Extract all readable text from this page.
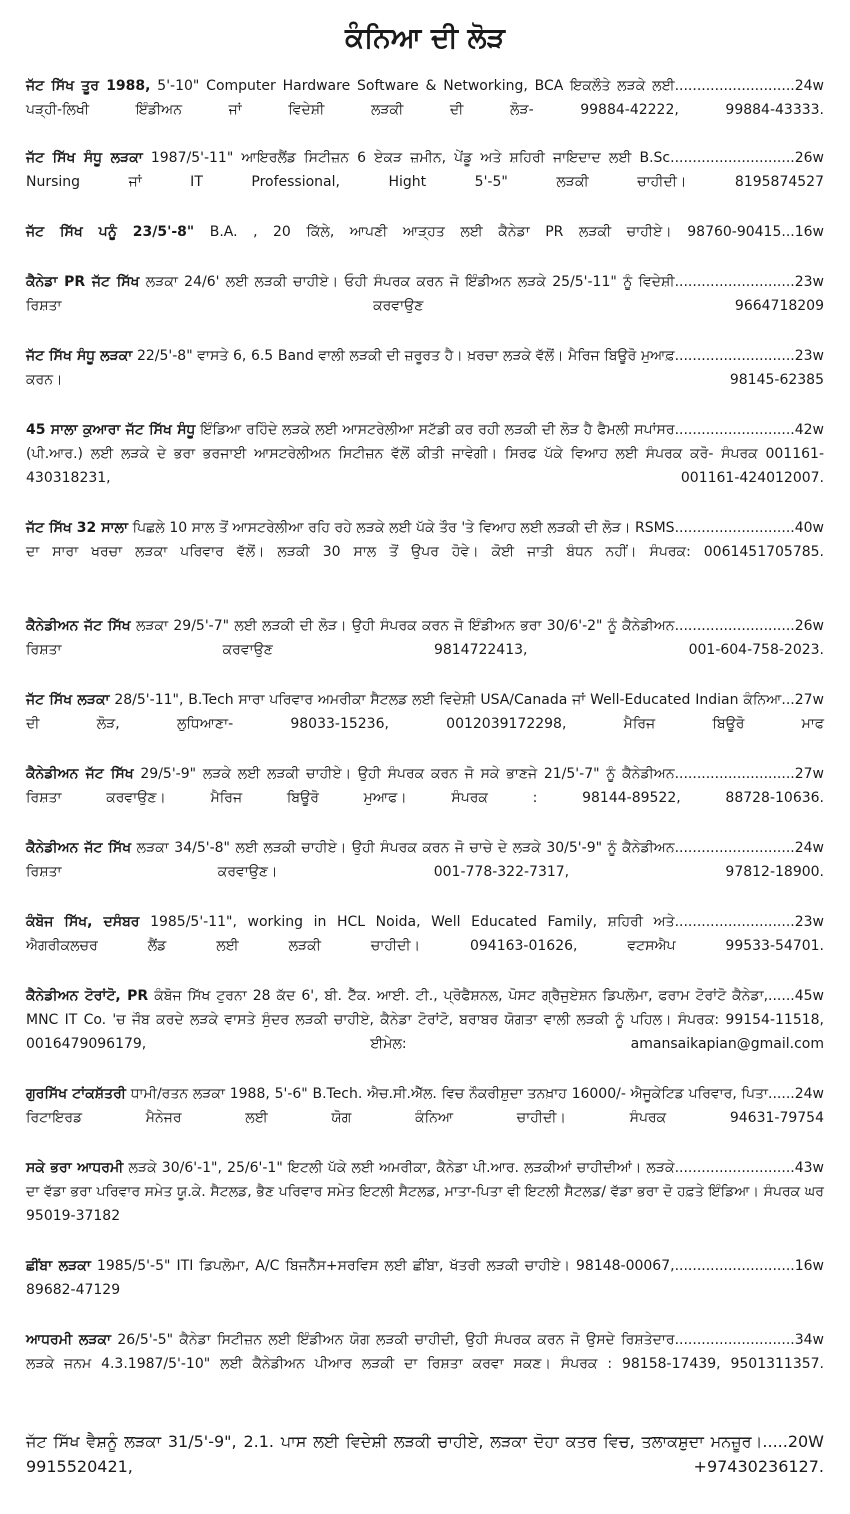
ਕੰਨਿਆ ਦੀ ਲੋੜ
...........................24w
ਜੱਟ ਸਿੱਖ ਤੂਰ 1988, 5'-10" Computer Hardware Software & Networking, BCA ਇਕਲੌਤੇ ਲੜਕੇ ਲਈ ਪੜ੍ਹੀ-ਲਿਖੀ ਇੰਡੀਅਨ ਜਾਂ ਵਿਦੇਸ਼ੀ ਲੜਕੀ ਦੀ ਲੋੜ- 99884-42222, 99884-43333.
...........................26w
ਜੱਟ ਸਿੱਖ ਸੰਧੂ ਲੜਕਾ 1987/5'-11" ਆਇਰਲੈਂਡ ਸਿਟੀਜ਼ਨ 6 ਏਕੜ ਜ਼ਮੀਨ, ਪੇਂਡੂ ਅਤੇ ਸ਼ਹਿਰੀ ਜਾਇਦਾਦ ਲਈ B.Sc. Nursing ਜਾਂ IT Professional, Hight 5'-5" ਲੜਕੀ ਚਾਹੀਦੀ। 8195874527
...16w
ਜੱਟ ਸਿੱਖ ਪਨੂੰ 23/5'-8" B.A. , 20 ਕਿੱਲੇ, ਆਪਣੀ ਆੜ੍ਹਤ ਲਈ ਕੈਨੇਡਾ PR ਲੜਕੀ ਚਾਹੀਏ। 98760-90415
...........................23w
ਕੈਨੇਡਾ PR ਜੱਟ ਸਿੱਖ ਲੜਕਾ 24/6' ਲਈ ਲੜਕੀ ਚਾਹੀਏ। ਓਹੀ ਸੰਪਰਕ ਕਰਨ ਜੋ ਇੰਡੀਅਨ ਲੜਕੇ 25/5'-11" ਨੂੰ ਵਿਦੇਸ਼ੀ ਰਿਸ਼ਤਾ ਕਰਵਾਉਣ 9664718209
...........................23w
ਜੱਟ ਸਿੱਖ ਸੰਧੂ ਲੜਕਾ 22/5'-8" ਵਾਸਤੇ 6, 6.5 Band ਵਾਲੀ ਲੜਕੀ ਦੀ ਜ਼ਰੂਰਤ ਹੈ। ਖ਼ਰਚਾ ਲੜਕੇ ਵੱਲੋਂ। ਮੈਰਿਜ ਬਿਊਰੋ ਮੁਆਫ਼ ਕਰਨ। 98145-62385
...........................42w
45 ਸਾਲਾ ਕੁਆਰਾ ਜੱਟ ਸਿੱਖ ਸੰਧੂ ਇੰਡਿਆ ਰਹਿੰਦੇ ਲੜਕੇ ਲਈ ਆਸਟਰੇਲੀਆ ਸਟੱਡੀ ਕਰ ਰਹੀ ਲੜਕੀ ਦੀ ਲੋੜ ਹੈ ਫੈਮਲੀ ਸਪਾਂਸਰ (ਪੀ.ਆਰ.) ਲਈ ਲੜਕੇ ਦੇ ਭਰਾ ਭਰਜਾਈ ਆਸਟਰੇਲੀਅਨ ਸਿਟੀਜ਼ਨ ਵੱਲੋਂ ਕੀਤੀ ਜਾਵੇਗੀ। ਸਿਰਫ ਪੱਕੇ ਵਿਆਹ ਲਈ ਸੰਪਰਕ ਕਰੋ- ਸੰਪਰਕ 001161-430318231, 001161-424012007.
...........................40w
ਜੱਟ ਸਿੱਖ 32 ਸਾਲਾ ਪਿਛਲੇ 10 ਸਾਲ ਤੋਂ ਆਸਟਰੇਲੀਆ ਰਹਿ ਰਹੇ ਲੜਕੇ ਲਈ ਪੱਕੇ ਤੌਰ 'ਤੇ ਵਿਆਹ ਲਈ ਲੜਕੀ ਦੀ ਲੋੜ। RSMS ਦਾ ਸਾਰਾ ਖਰਚਾ ਲੜਕਾ ਪਰਿਵਾਰ ਵੱਲੋਂ। ਲੜਕੀ 30 ਸਾਲ ਤੋਂ ਉਪਰ ਹੋਵੇ। ਕੋਈ ਜਾਤੀ ਬੰਧਨ ਨਹੀਂ। ਸੰਪਰਕ: 0061451705785.
...........................26w
ਕੈਨੇਡੀਅਨ ਜੱਟ ਸਿੱਖ ਲੜਕਾ 29/5'-7" ਲਈ ਲੜਕੀ ਦੀ ਲੋੜ। ਉਹੀ ਸੰਪਰਕ ਕਰਨ ਜੋ ਇੰਡੀਅਨ ਭਰਾ 30/6'-2" ਨੂੰ ਕੈਨੇਡੀਅਨ ਰਿਸ਼ਤਾ ਕਰਵਾਉਣ 9814722413, 001-604-758-2023.
...27w
ਜੱਟ ਸਿੱਖ ਲੜਕਾ 28/5'-11", B.Tech ਸਾਰਾ ਪਰਿਵਾਰ ਅਮਰੀਕਾ ਸੈਟਲਡ ਲਈ ਵਿਦੇਸ਼ੀ USA/Canada ਜਾਂ Well-Educated Indian ਕੰਨਿਆ ਦੀ ਲੋੜ, ਲੁਧਿਆਣਾ- 98033-15236, 0012039172298, ਮੈਰਿਜ ਬਿਊਰੋ ਮਾਫ
...........................27w
ਕੈਨੇਡੀਅਨ ਜੱਟ ਸਿੱਖ 29/5'-9" ਲੜਕੇ ਲਈ ਲੜਕੀ ਚਾਹੀਏ। ਉਹੀ ਸੰਪਰਕ ਕਰਨ ਜੋ ਸਕੇ ਭਾਣਜੇ 21/5'-7" ਨੂੰ ਕੈਨੇਡੀਅਨ ਰਿਸ਼ਤਾ ਕਰਵਾਉਣ। ਮੈਰਿਜ ਬਿਊਰੋ ਮੁਆਫ। ਸੰਪਰਕ : 98144-89522, 88728-10636.
...........................24w
ਕੈਨੇਡੀਅਨ ਜੱਟ ਸਿੱਖ ਲੜਕਾ 34/5'-8" ਲਈ ਲੜਕੀ ਚਾਹੀਏ। ਉਹੀ ਸੰਪਰਕ ਕਰਨ ਜੋ ਚਾਚੇ ਦੇ ਲੜਕੇ 30/5'-9" ਨੂੰ ਕੈਨੇਡੀਅਨ ਰਿਸ਼ਤਾ ਕਰਵਾਉਣ। 001-778-322-7317, 97812-18900.
...........................23w
ਕੰਬੋਜ ਸਿੱਖ, ਦਸੰਬਰ 1985/5'-11", working in HCL Noida, Well Educated Family, ਸ਼ਹਿਰੀ ਅਤੇ ਐਗਰੀਕਲਚਰ ਲੈਂਡ ਲਈ ਲੜਕੀ ਚਾਹੀਦੀ। 094163-01626, ਵਟਸਐਪ 99533-54701.
......45w
ਕੈਨੇਡੀਅਨ ਟੋਰਾਂਟੋ, PR ਕੰਬੋਜ ਸਿੱਖ ਟੁਰਨਾ 28 ਕੱਦ 6', ਬੀ. ਟੈੱਕ. ਆਈ. ਟੀ., ਪ੍ਰੋਫੈਸ਼ਨਲ, ਪੋਸਟ ਗ੍ਰੈਜੁਏਸ਼ਨ ਡਿਪਲੋਮਾ, ਫਰਾਮ ਟੋਰਾਂਟੋ ਕੈਨੇਡਾ, MNC IT Co. 'ਚ ਜੌਬ ਕਰਦੇ ਲੜਕੇ ਵਾਸਤੇ ਸੁੰਦਰ ਲੜਕੀ ਚਾਹੀਏ, ਕੈਨੇਡਾ ਟੋਰਾਂਟੋ, ਬਰਾਬਰ ਯੋਗਤਾ ਵਾਲੀ ਲੜਕੀ ਨੂੰ ਪਹਿਲ। ਸੰਪਰਕ: 99154-11518, 0016479096179, ਈਮੇਲ: amansaikapian@gmail.com
......24w
ਗੁਰਸਿੱਖ ਟਾਂਕਸ਼ੱਤਰੀ ਧਾਮੀ/ਰਤਨ ਲੜਕਾ 1988, 5'-6" B.Tech. ਐਚ.ਸੀ.ਐੱਲ. ਵਿਚ ਨੌਕਰੀਸ਼ੁਦਾ ਤਨਖ਼ਾਹ 16000/- ਐਜੂਕੇਟਿਡ ਪਰਿਵਾਰ, ਪਿਤਾ ਰਿਟਾਇਰਡ ਮੈਨੇਜਰ ਲਈ ਯੋਗ ਕੰਨਿਆ ਚਾਹੀਦੀ। ਸੰਪਰਕ 94631-79754
...........................43w
ਸਕੇ ਭਰਾ ਆਧਰਮੀ ਲੜਕੇ 30/6'-1", 25/6'-1" ਇਟਲੀ ਪੱਕੇ ਲਈ ਅਮਰੀਕਾ, ਕੈਨੇਡਾ ਪੀ.ਆਰ. ਲੜਕੀਆਂ ਚਾਹੀਦੀਆਂ। ਲੜਕੇ ਦਾ ਵੱਡਾ ਭਰਾ ਪਰਿਵਾਰ ਸਮੇਤ ਯੂ.ਕੇ. ਸੈਟਲਡ, ਭੈਣ ਪਰਿਵਾਰ ਸਮੇਤ ਇਟਲੀ ਸੈਟਲਡ, ਮਾਤਾ-ਪਿਤਾ ਵੀ ਇਟਲੀ ਸੈਟਲਡ/ ਵੱਡਾ ਭਰਾ ਦੋ ਹਫ਼ਤੇ ਇੰਡਿਆ। ਸੰਪਰਕ ਘਰ 95019-37182
...........................16w
ਛੀਂਬਾ ਲੜਕਾ 1985/5'-5" ITI ਡਿਪਲੋਮਾ, A/C ਬਿਜਨੈੱਸ+ਸਰਵਿਸ ਲਈ ਛੀਂਬਾ, ਖੱਤਰੀ ਲੜਕੀ ਚਾਹੀਏ। 98148-00067, 89682-47129
...........................34w
ਆਧਰਮੀ ਲੜਕਾ 26/5'-5" ਕੈਨੇਡਾ ਸਿਟੀਜ਼ਨ ਲਈ ਇੰਡੀਅਨ ਯੋਗ ਲੜਕੀ ਚਾਹੀਦੀ, ਉਹੀ ਸੰਪਰਕ ਕਰਨ ਜੋ ਉਸਦੇ ਰਿਸ਼ਤੇਦਾਰ ਲੜਕੇ ਜਨਮ 4.3.1987/5'-10" ਲਈ ਕੈਨੇਡੀਅਨ ਪੀਆਰ ਲੜਕੀ ਦਾ ਰਿਸ਼ਤਾ ਕਰਵਾ ਸਕਣ। ਸੰਪਰਕ : 98158-17439, 9501311357.
.....20W
ਜੱਟ ਸਿੱਖ ਵੈਸ਼ਨੂੰ ਲੜਕਾ 31/5'-9", 2.1. ਪਾਸ ਲਈ ਵਿਦੇਸ਼ੀ ਲੜਕੀ ਚਾਹੀਏ, ਲੜਕਾ ਦੋਹਾ ਕਤਰ ਵਿਚ, ਤਲਾਕਸ਼ੁਦਾ ਮਨਜ਼ੂਰ। 9915520421, +97430236127.
